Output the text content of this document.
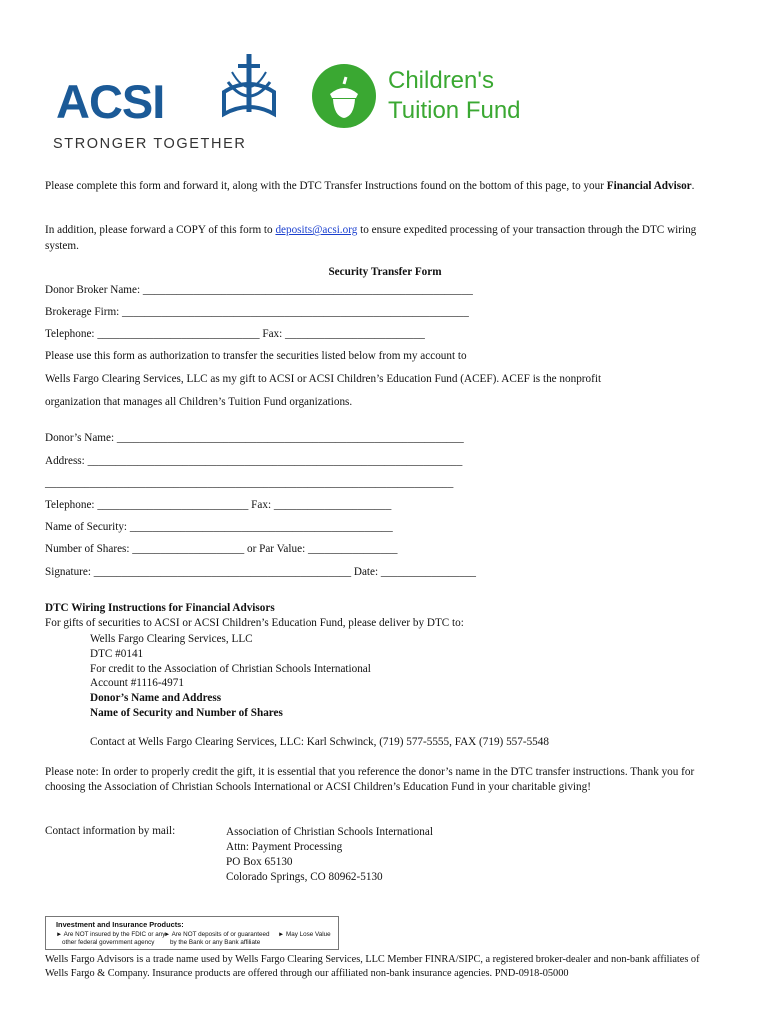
ACSI
STRONGER TOGETHER
Children's
Tuition Fund
Please complete this form and forward it, along with the DTC Transfer Instructions found on the bottom of this page, to your Financial Advisor.
In addition, please forward a COPY of this form to deposits@acsi.org to ensure expedited processing of your transaction through the DTC wiring system.
Security Transfer Form
Donor Broker Name: ___________________________________________________________
Brokerage Firm: ______________________________________________________________
Telephone: _____________________________ Fax: _________________________
Please use this form as authorization to transfer the securities listed below from my account to
Wells Fargo Clearing Services, LLC as my gift to ACSI or ACSI Children’s Education Fund (ACEF). ACEF is the nonprofit
organization that manages all Children’s Tuition Fund organizations.
Donor’s Name: ______________________________________________________________
Address: ___________________________________________________________________
_________________________________________________________________________
Telephone: ___________________________ Fax: _____________________
Name of Security: _______________________________________________
Number of Shares: ____________________ or Par Value: ________________
Signature: ______________________________________________ Date: _________________
DTC Wiring Instructions for Financial Advisors
For gifts of securities to ACSI or ACSI Children’s Education Fund, please deliver by DTC to:
Wells Fargo Clearing Services, LLC
DTC #0141
For credit to the Association of Christian Schools International
Account #1116-4971
Donor’s Name and Address
Name of Security and Number of Shares
Contact at Wells Fargo Clearing Services, LLC: Karl Schwinck, (719) 577-5555, FAX (719) 557-5548
Please note: In order to properly credit the gift, it is essential that you reference the donor’s name in the DTC transfer instructions. Thank you for choosing the Association of Christian Schools International or ACSI Children’s Education Fund in your charitable giving!
Contact information by mail:	Association of Christian Schools International
Attn: Payment Processing
PO Box 65130
Colorado Springs, CO 80962-5130
Investment and Insurance Products:
► Are NOT insured by the FDIC or any
other federal government agency
► Are NOT deposits of or guaranteed
by the Bank or any Bank affiliate
► May Lose Value
Wells Fargo Advisors is a trade name used by Wells Fargo Clearing Services, LLC Member FINRA/SIPC, a registered broker-dealer and non-bank affiliates of Wells Fargo & Company. Insurance products are offered through our affiliated non-bank insurance agencies. PND-0918-05000
